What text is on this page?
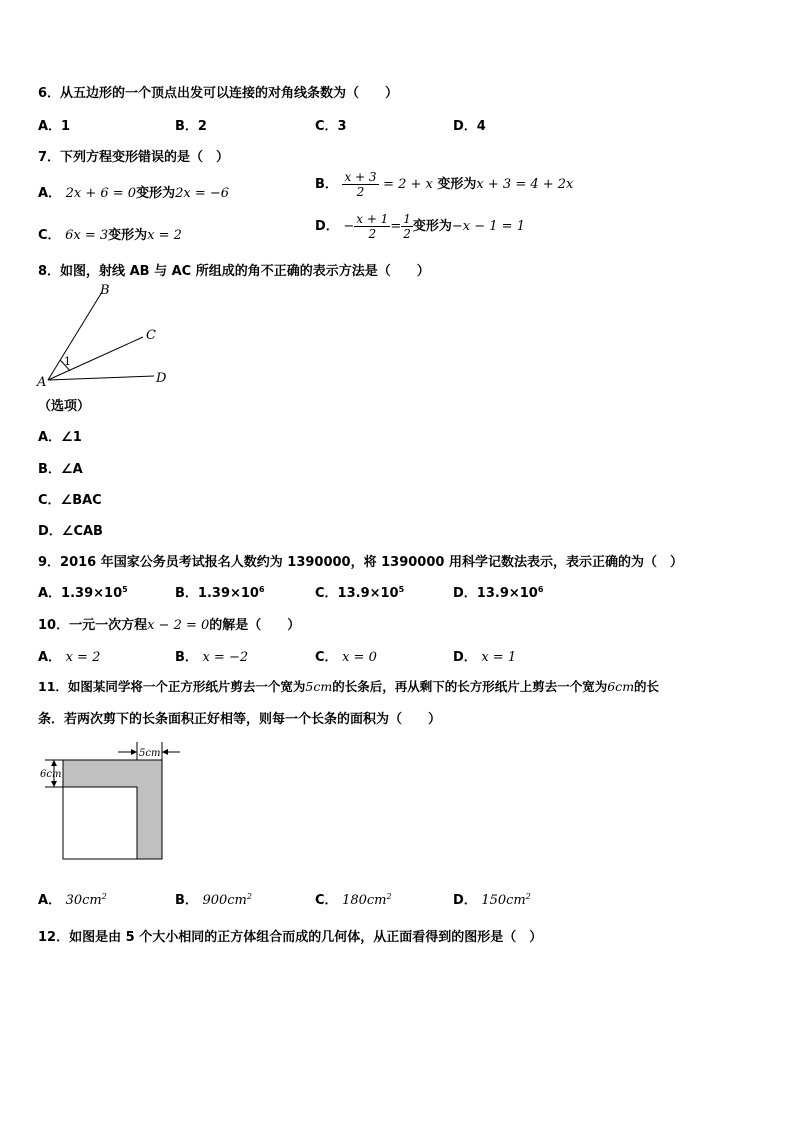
6．从五边形的一个顶点出发可以连接的对角线条数为（　　）
A．1	B．2	C．3	D．4
7．下列方程变形错误的是（　）
A． 2x + 6 = 0变形为2x = −6
B． $\frac{x + 3}{2} = 2 + x$ 变形为x + 3 = 4 + 2x
C． 6x = 3变形为x = 2
D． − $\frac{x + 1}{2} = \frac{1}{2}$ 变形为−x − 1 = 1
8．如图，射线 AB 与 AC 所组成的角不正确的表示方法是（　　）
B
C
D
A
1
（选项）
A．∠1
B．∠A
C．∠BAC
D．∠CAB
9．2016 年国家公务员考试报名人数约为 1390000，将 1390000 用科学记数法表示，表示正确的为（　）
A．$1.39\times 10^5$	B．$1.39\times 10^6$	C．$13.9\times 10^5$	D．$13.9\times 10^6$
10．一元一次方程x − 2 = 0的解是（　　）
A． x = 2	B． x = −2	C． x = 0	D． x = 1
11．如图某同学将一个正方形纸片剪去一个宽为5cm的长条后，再从剩下的长方形纸片上剪去一个宽为6cm的长
条．若两次剪下的长条面积正好相等，则每一个长条的面积为（　　）
5cm
6cm
A． $30cm^2$	B． $900cm^2$	C． $180cm^2$	D． $150cm^2$
12．如图是由 5 个大小相同的正方体组合而成的几何体，从正面看得到的图形是（　）
